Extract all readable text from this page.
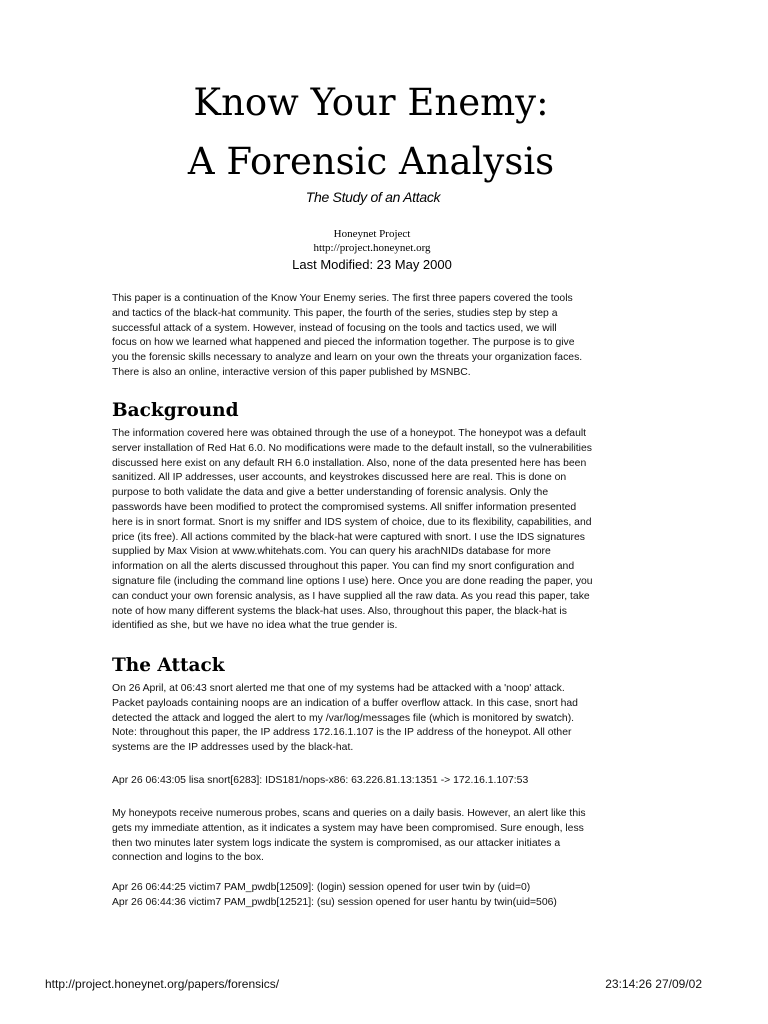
Know Your Enemy:
A Forensic Analysis
The Study of an Attack
Honeynet Project
http://project.honeynet.org
Last Modified: 23 May 2000

This paper is a continuation of the Know Your Enemy series. The first three papers covered the tools
and tactics of the black-hat community. This paper, the fourth of the series, studies step by step a
successful attack of a system. However, instead of focusing on the tools and tactics used, we will
focus on how we learned what happened and pieced the information together. The purpose is to give
you the forensic skills necessary to analyze and learn on your own the threats your organization faces.
There is also an online, interactive version of this paper published by MSNBC.

Background

The information covered here was obtained through the use of a honeypot. The honeypot was a default
server installation of Red Hat 6.0. No modifications were made to the default install, so the vulnerabilities
discussed here exist on any default RH 6.0 installation. Also, none of the data presented here has been
sanitized. All IP addresses, user accounts, and keystrokes discussed here are real. This is done on
purpose to both validate the data and give a better understanding of forensic analysis. Only the
passwords have been modified to protect the compromised systems. All sniffer information presented
here is in snort format. Snort is my sniffer and IDS system of choice, due to its flexibility, capabilities, and
price (its free). All actions commited by the black-hat were captured with snort. I use the IDS signatures
supplied by Max Vision at www.whitehats.com. You can query his arachNIDs database for more
information on all the alerts discussed throughout this paper. You can find my snort configuration and
signature file (including the command line options I use) here. Once you are done reading the paper, you
can conduct your own forensic analysis, as I have supplied all the raw data. As you read this paper, take
note of how many different systems the black-hat uses. Also, throughout this paper, the black-hat is
identified as she, but we have no idea what the true gender is.

The Attack

On 26 April, at 06:43 snort alerted me that one of my systems had be attacked with a 'noop' attack.
Packet payloads containing noops are an indication of a buffer overflow attack. In this case, snort had
detected the attack and logged the alert to my /var/log/messages file (which is monitored by swatch).
Note: throughout this paper, the IP address 172.16.1.107 is the IP address of the honeypot. All other
systems are the IP addresses used by the black-hat.

Apr 26 06:43:05 lisa snort[6283]: IDS181/nops-x86: 63.226.81.13:1351 -> 172.16.1.107:53

My honeypots receive numerous probes, scans and queries on a daily basis. However, an alert like this
gets my immediate attention, as it indicates a system may have been compromised. Sure enough, less
then two minutes later system logs indicate the system is compromised, as our attacker initiates a
connection and logins to the box.

Apr 26 06:44:25 victim7 PAM_pwdb[12509]: (login) session opened for user twin by (uid=0)
Apr 26 06:44:36 victim7 PAM_pwdb[12521]: (su) session opened for user hantu by twin(uid=506)

http://project.honeynet.org/papers/forensics/	23:14:26 27/09/02
